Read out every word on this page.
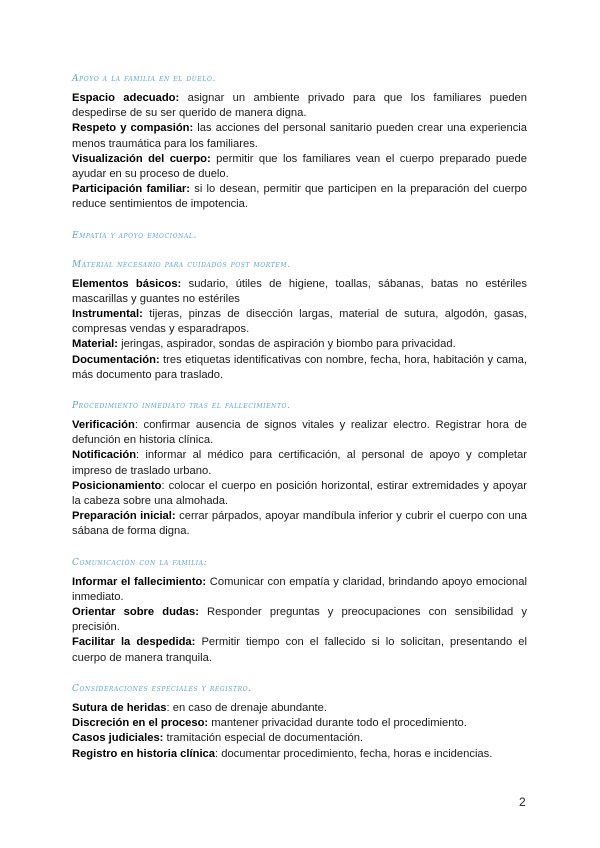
Apoyo a la familia en el duelo.

Espacio adecuado: asignar un ambiente privado para que los familiares pueden despedirse de su ser querido de manera digna.

Respeto y compasión: las acciones del personal sanitario pueden crear una experiencia menos traumática para los familiares.

Visualización del cuerpo: permitir que los familiares vean el cuerpo preparado puede ayudar en su proceso de duelo.

Participación familiar: si lo desean, permitir que participen en la preparación del cuerpo reduce sentimientos de impotencia.

Empatía y apoyo emocional.

Material necesario para cuidados post mortem.

Elementos básicos: sudario, útiles de higiene, toallas, sábanas, batas no estériles mascarillas y guantes no estériles

Instrumental: tijeras, pinzas de disección largas, material de sutura, algodón, gasas, compresas vendas y esparadrapos.

Material: jeringas, aspirador, sondas de aspiración y biombo para privacidad.

Documentación: tres etiquetas identificativas con nombre, fecha, hora, habitación y cama, más documento para traslado.

Procedimiento inmediato tras el fallecimiento.

Verificación: confirmar ausencia de signos vitales y realizar electro. Registrar hora de defunción en historia clínica.

Notificación: informar al médico para certificación, al personal de apoyo y completar impreso de traslado urbano.

Posicionamiento: colocar el cuerpo en posición horizontal, estirar extremidades y apoyar la cabeza sobre una almohada.

Preparación inicial: cerrar párpados, apoyar mandíbula inferior y cubrir el cuerpo con una sábana de forma digna.

Comunicación con la familia:

Informar el fallecimiento: Comunicar con empatía y claridad, brindando apoyo emocional inmediato.

Orientar sobre dudas: Responder preguntas y preocupaciones con sensibilidad y precisión.

Facilitar la despedida: Permitir tiempo con el fallecido si lo solicitan, presentando el cuerpo de manera tranquila.

Consideraciones especiales y registro.

Sutura de heridas: en caso de drenaje abundante.

Discreción en el proceso: mantener privacidad durante todo el procedimiento.

Casos judiciales: tramitación especial de documentación.

Registro en historia clínica: documentar procedimiento, fecha, horas e incidencias.

2
